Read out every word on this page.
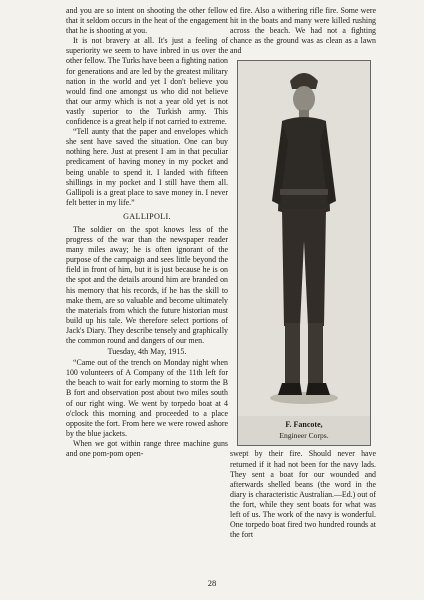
and you are so intent on shooting the other fellow that it seldom occurs in the heat of the engagement that he is shooting at you.

It is not bravery at all. It's just a feeling of superiority we seem to have inbred in us over the other fellow. The Turks have been a fighting nation for generations and are led by the greatest military nation in the world and yet I don't believe you would find one amongst us who did not believe that our army which is not a year old yet is not vastly superior to the Turkish army. This confidence is a great help if not carried to extreme.

“Tell aunty that the paper and envelopes which she sent have saved the situation. One can buy nothing here. Just at present I am in that peculiar predicament of having money in my pocket and being unable to spend it. I landed with fifteen shillings in my pocket and I still have them all. Gallipoli is a great place to save money in. I never felt better in my life.”

GALLIPOLI.

The soldier on the spot knows less of the progress of the war than the newspaper reader many miles away; he is often ignorant of the purpose of the campaign and sees little beyond the field in front of him, but it is just because he is on the spot and the details around him are branded on his memory that his records, if he has the skill to make them, are so valuable and become ultimately the materials from which the future historian must build up his tale. We therefore select portions of Jack's Diary. They describe tensely and graphically the common round and dangers of our men.

Tuesday, 4th May, 1915.

“Came out of the trench on Monday night when 100 volunteers of A Company of the 11th left for the beach to wait for early morning to storm the B B fort and observation post about two miles south of our right wing. We went by torpedo boat at 4 o'clock this morning and proceeded to a place opposite the fort. From here we were rowed ashore by the blue jackets.

When we got within range three machine guns and one pom-pom open-

ed fire. Also a withering rifle fire. Some were hit in the boats and many were killed rushing across the beach. We had not a fighting chance as the ground was as clean as a lawn and

F. Fancote,
Engineer Corps.

swept by their fire. Should never have returned if it had not been for the navy lads. They sent a boat for our wounded and afterwards shelled beans (the word in the diary is characteristic Australian.—Ed.) out of the fort, while they sent boats for what was left of us. The work of the navy is wonderful. One torpedo boat fired two hundred rounds at the fort

28
